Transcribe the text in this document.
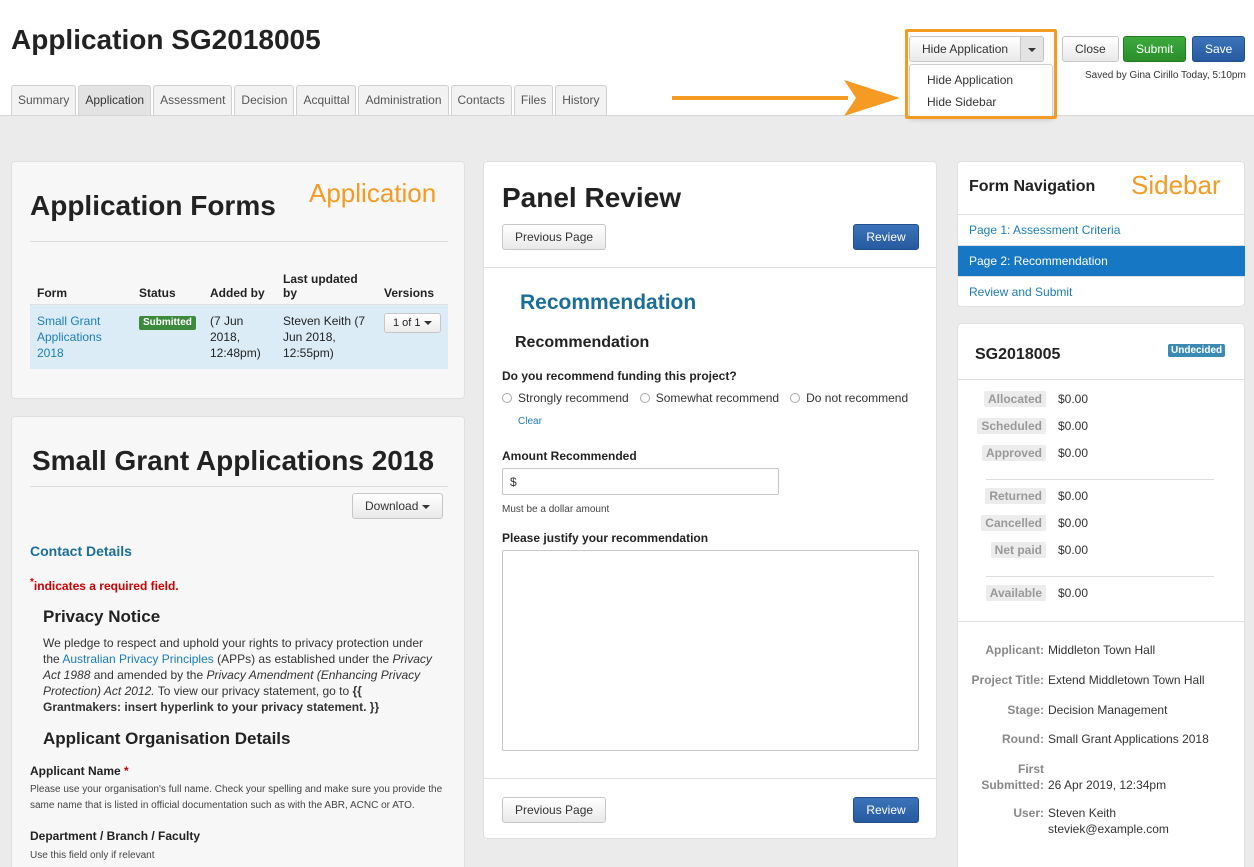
Application SG2018005
Summary	Application	Assessment	Decision	Acquittal	Administration	Contacts	Files	History
Hide Application	Close	Submit	Save
Saved by Gina Cirillo Today, 5:10pm
Hide Application
Hide Sidebar
Application Forms Application
Form	Status	Added by	Last updated by	Versions
Small Grant Applications 2018	Submitted	(7 Jun 2018, 12:48pm)	Steven Keith (7 Jun 2018, 12:55pm)	1 of 1
Small Grant Applications 2018
Download
Contact Details
*indicates a required field.
Privacy Notice
We pledge to respect and uphold your rights to privacy protection under the Australian Privacy Principles (APPs) as established under the Privacy Act 1988 and amended by the Privacy Amendment (Enhancing Privacy Protection) Act 2012. To view our privacy statement, go to {{ Grantmakers: insert hyperlink to your privacy statement. }}
Applicant Organisation Details
Applicant Name *
Please use your organisation's full name. Check your spelling and make sure you provide the same name that is listed in official documentation such as with the ABR, ACNC or ATO.
Department / Branch / Faculty
Use this field only if relevant
Panel Review
Previous Page	Review
Recommendation
Recommendation
Do you recommend funding this project?
Strongly recommend Somewhat recommend Do not recommend
Clear
Amount Recommended
$
Must be a dollar amount
Please justify your recommendation
Previous Page	Review
Form Navigation Sidebar
Page 1: Assessment Criteria
Page 2: Recommendation
Review and Submit
SG2018005	Undecided
Allocated	$0.00
Scheduled	$0.00
Approved	$0.00
Returned	$0.00
Cancelled	$0.00
Net paid	$0.00
Available	$0.00
Applicant: Middleton Town Hall
Project Title: Extend Middletown Town Hall
Stage: Decision Management
Round: Small Grant Applications 2018
First
Submitted: 26 Apr 2019, 12:34pm
User: Steven Keith
steviek@example.com
